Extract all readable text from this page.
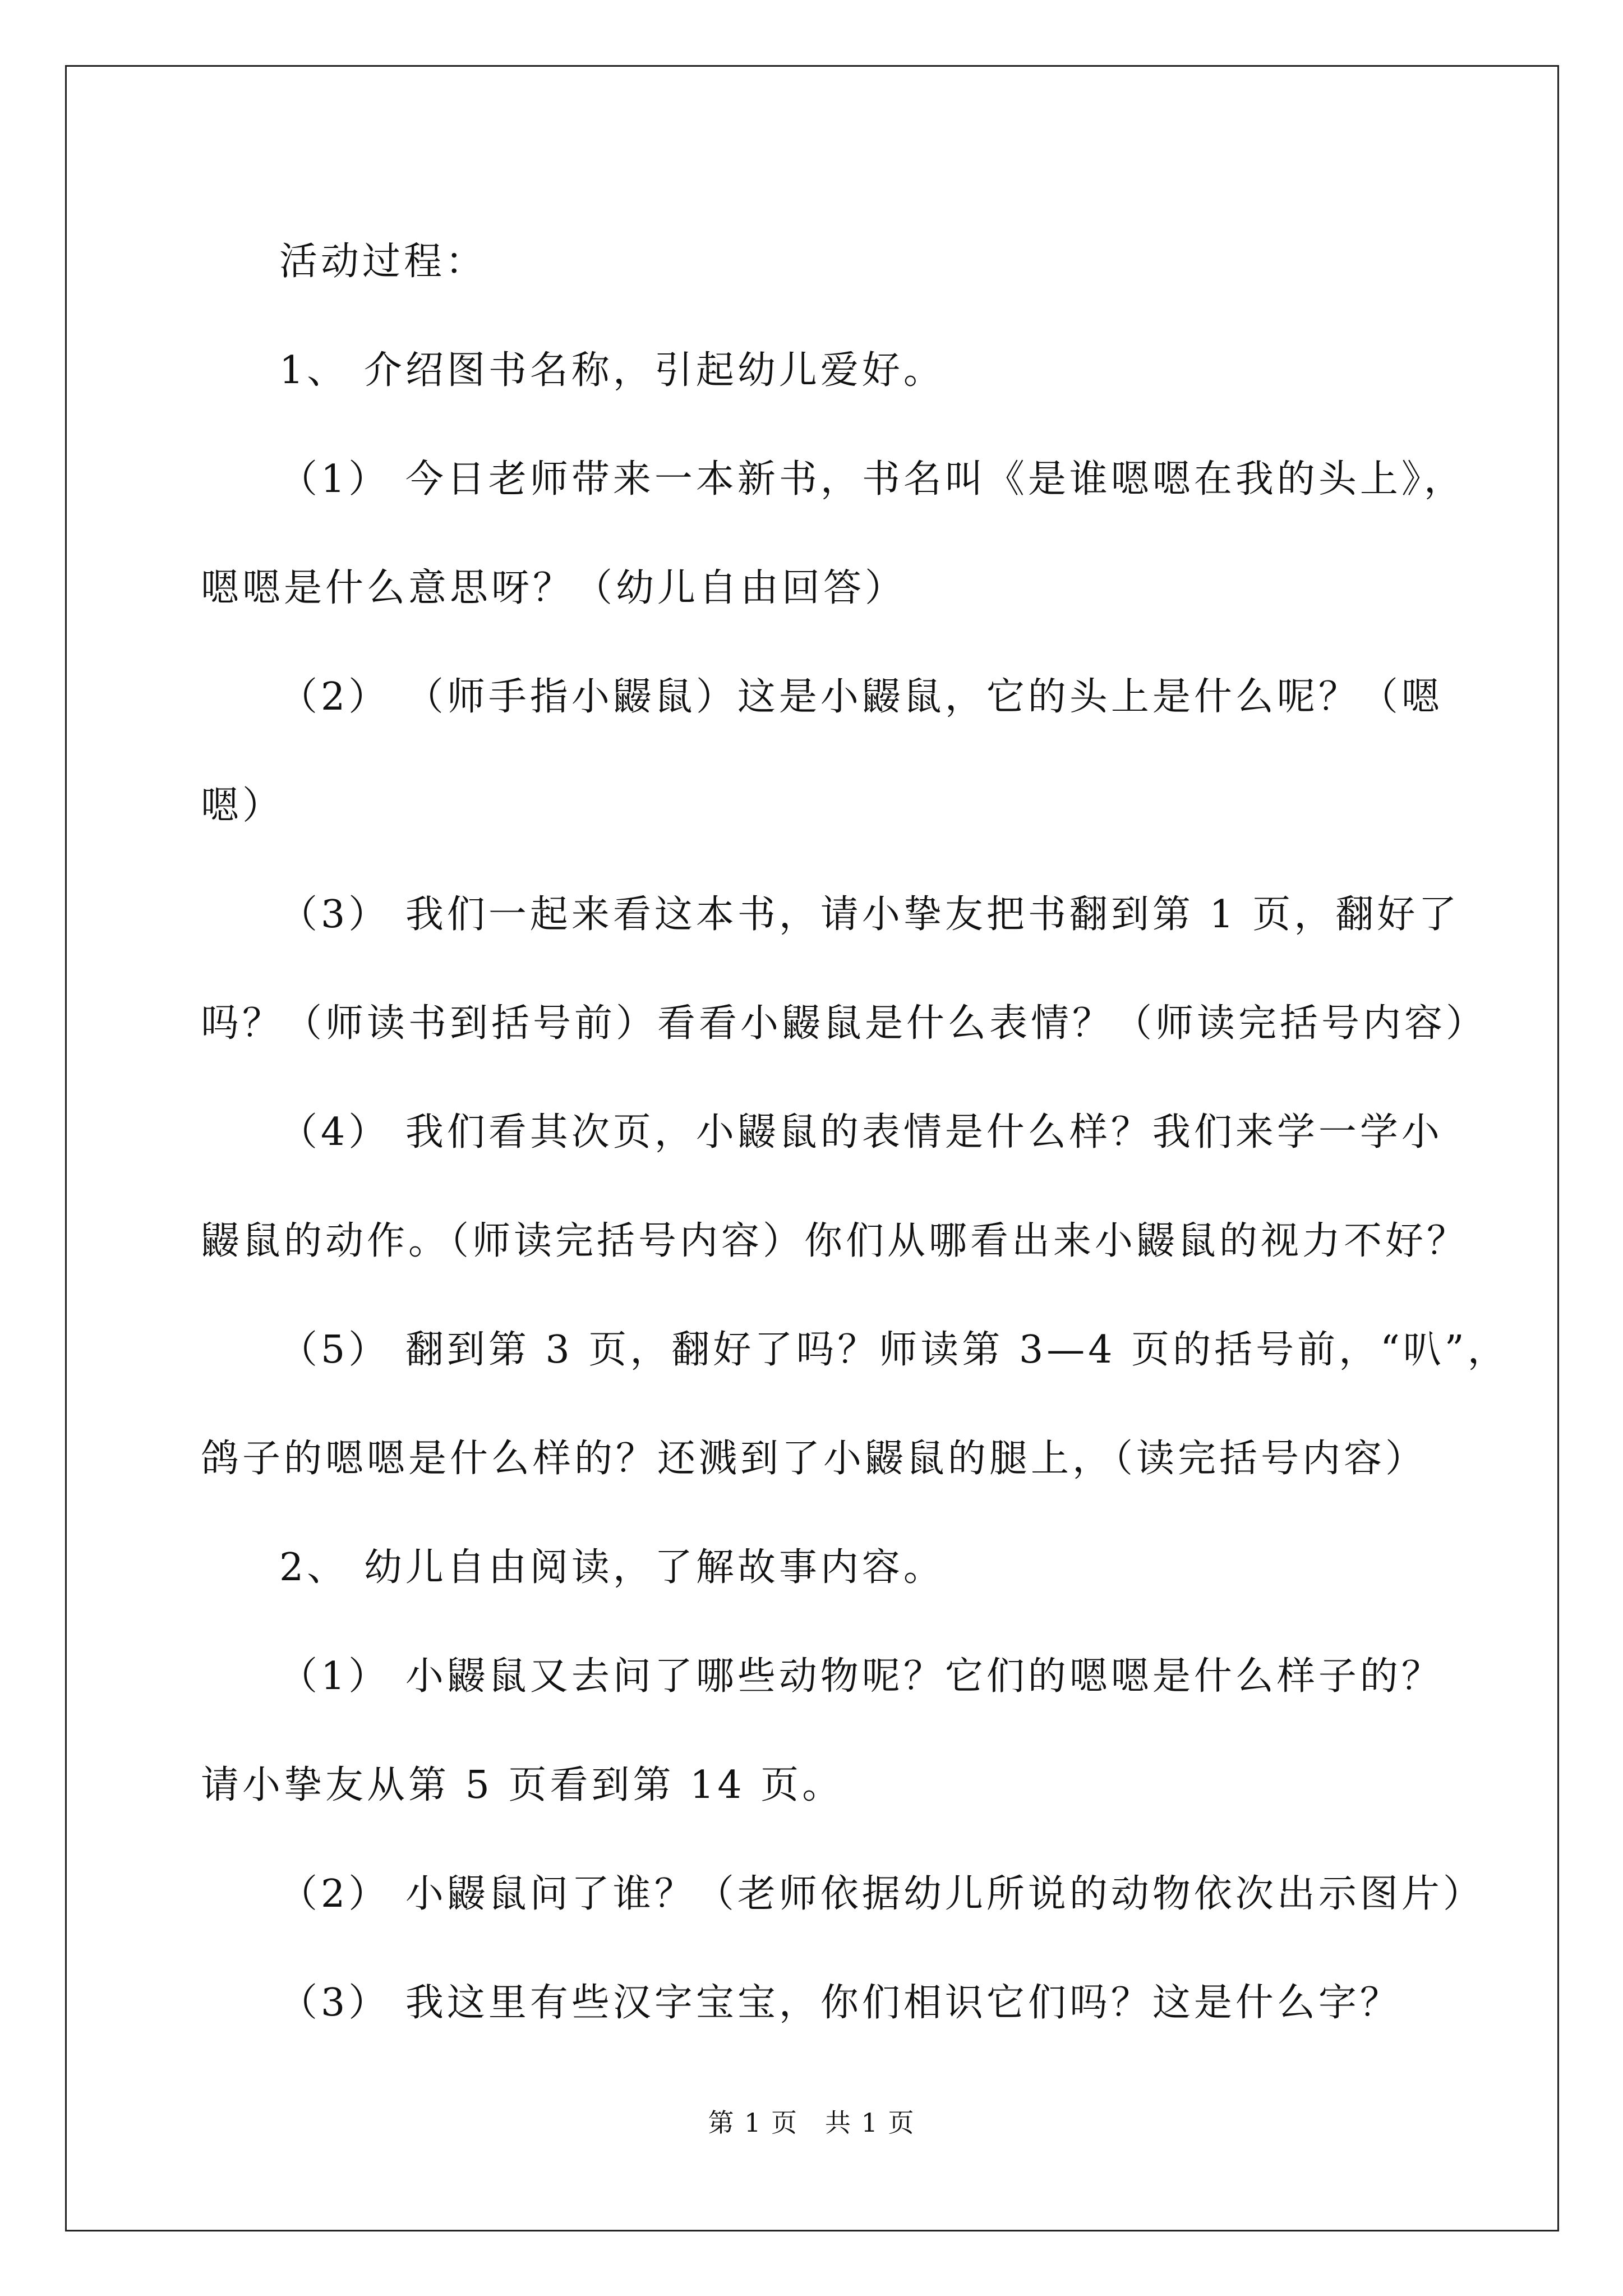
活动过程：

1、 介绍图书名称，引起幼儿爱好。

（1） 今日老师带来一本新书，书名叫《是谁嗯嗯在我的头上》，

嗯嗯是什么意思呀？（幼儿自由回答）

（2） （师手指小鼹鼠）这是小鼹鼠，它的头上是什么呢？（嗯

嗯）

（3） 我们一起来看这本书，请小挚友把书翻到第 1 页，翻好了

吗？（师读书到括号前）看看小鼹鼠是什么表情？（师读完括号内容）

（4） 我们看其次页，小鼹鼠的表情是什么样？我们来学一学小

鼹鼠的动作。（师读完括号内容）你们从哪看出来小鼹鼠的视力不好？

（5） 翻到第 3 页，翻好了吗？师读第 3—4 页的括号前，“叭”，

鸽子的嗯嗯是什么样的？还溅到了小鼹鼠的腿上，（读完括号内容）

2、 幼儿自由阅读，了解故事内容。

（1） 小鼹鼠又去问了哪些动物呢？它们的嗯嗯是什么样子的？

请小挚友从第 5 页看到第 14 页。

（2） 小鼹鼠问了谁？（老师依据幼儿所说的动物依次出示图片）

（3） 我这里有些汉字宝宝，你们相识它们吗？这是什么字？

第 1 页　共 1 页
